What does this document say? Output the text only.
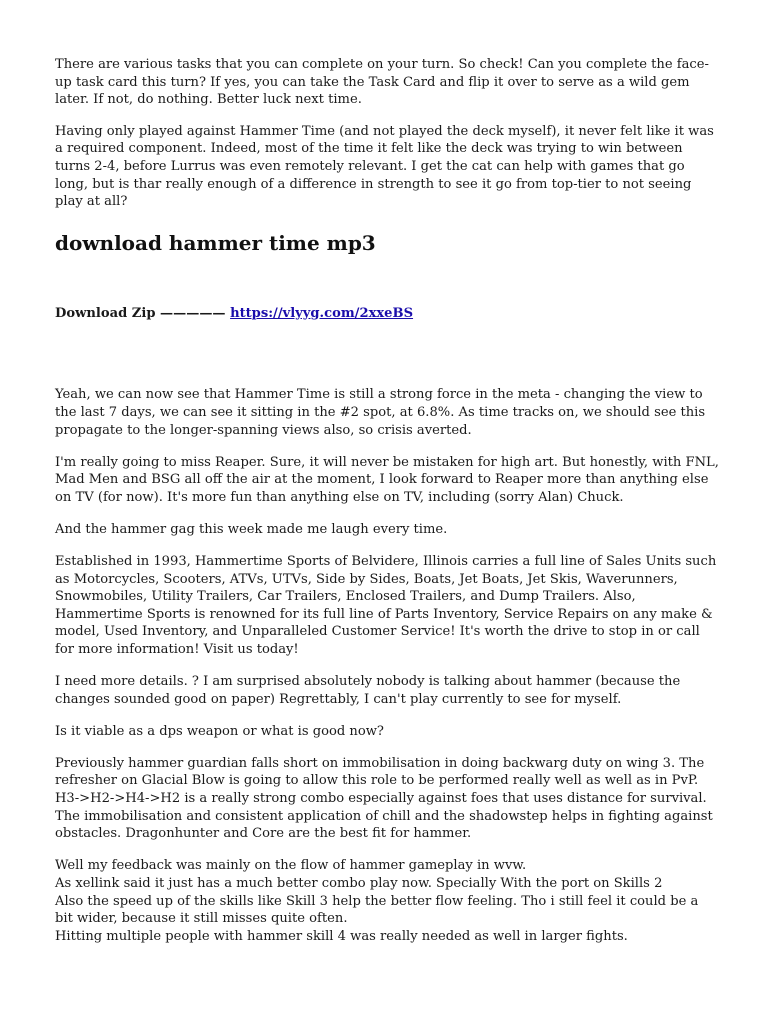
There are various tasks that you can complete on your turn. So check! Can you complete the face-up task card this turn? If yes, you can take the Task Card and flip it over to serve as a wild gem later. If not, do nothing. Better luck next time.

Having only played against Hammer Time (and not played the deck myself), it never felt like it was a required component. Indeed, most of the time it felt like the deck was trying to win between turns 2-4, before Lurrus was even remotely relevant. I get the cat can help with games that go long, but is thar really enough of a difference in strength to see it go from top-tier to not seeing play at all?

download hammer time mp3

Download Zip ————— https://vlyyg.com/2xxeBS

Yeah, we can now see that Hammer Time is still a strong force in the meta - changing the view to the last 7 days, we can see it sitting in the #2 spot, at 6.8%. As time tracks on, we should see this propagate to the longer-spanning views also, so crisis averted.

I'm really going to miss Reaper. Sure, it will never be mistaken for high art. But honestly, with FNL, Mad Men and BSG all off the air at the moment, I look forward to Reaper more than anything else on TV (for now). It's more fun than anything else on TV, including (sorry Alan) Chuck.

And the hammer gag this week made me laugh every time.

Established in 1993, Hammertime Sports of Belvidere, Illinois carries a full line of Sales Units such as Motorcycles, Scooters, ATVs, UTVs, Side by Sides, Boats, Jet Boats, Jet Skis, Waverunners, Snowmobiles, Utility Trailers, Car Trailers, Enclosed Trailers, and Dump Trailers. Also, Hammertime Sports is renowned for its full line of Parts Inventory, Service Repairs on any make & model, Used Inventory, and Unparalleled Customer Service! It's worth the drive to stop in or call for more information! Visit us today!

I need more details. ? I am surprised absolutely nobody is talking about hammer (because the changes sounded good on paper) Regrettably, I can't play currently to see for myself.

Is it viable as a dps weapon or what is good now?

Previously hammer guardian falls short on immobilisation in doing backwarg duty on wing 3. The refresher on Glacial Blow is going to allow this role to be performed really well as well as in PvP. H3->H2->H4->H2 is a really strong combo especially against foes that uses distance for survival. The immobilisation and consistent application of chill and the shadowstep helps in fighting against obstacles. Dragonhunter and Core are the best fit for hammer.

Well my feedback was mainly on the flow of hammer gameplay in wvw.
As xellink said it just has a much better combo play now. Specially With the port on Skills 2
Also the speed up of the skills like Skill 3 help the better flow feeling. Tho i still feel it could be a bit wider, because it still misses quite often.
Hitting multiple people with hammer skill 4 was really needed as well in larger fights.
